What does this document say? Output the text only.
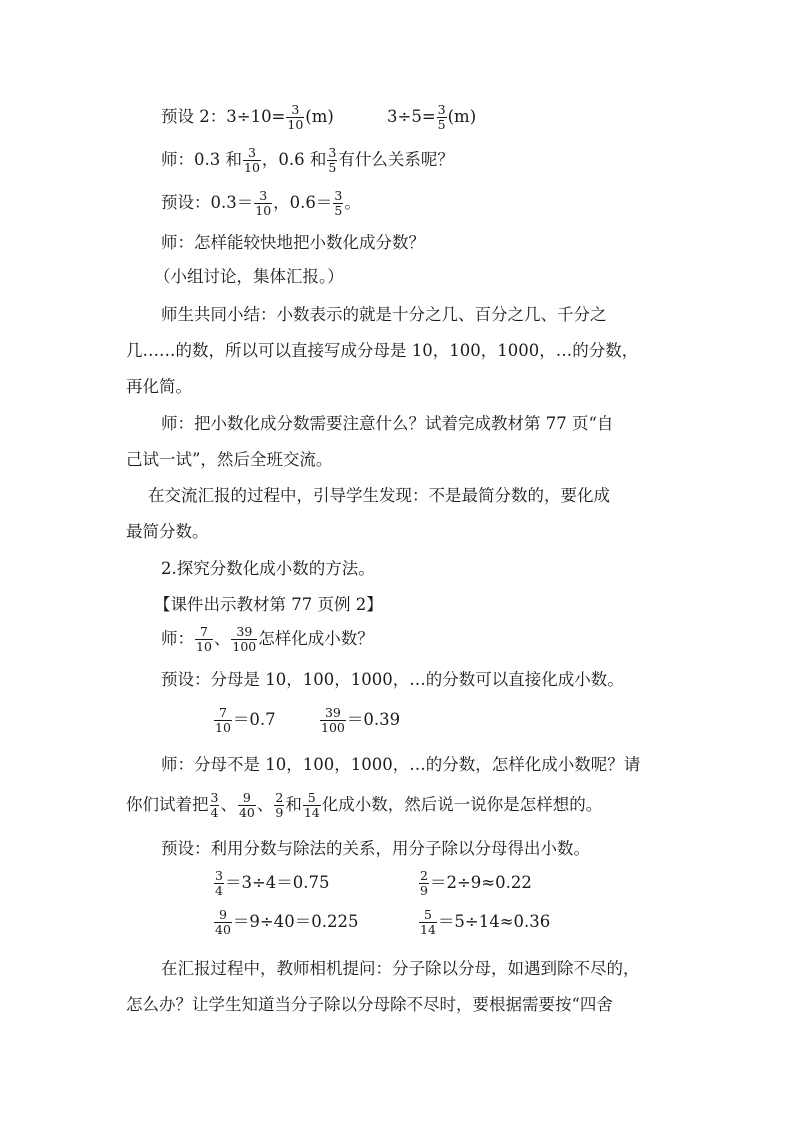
预设 2：$3\div 10= \frac{3}{10} (m)$	$3\div 5= \frac{3}{5} (m)$
师：0.3 和 $\frac{3}{10}$ ，0.6 和 $\frac{3}{5}$ 有什么关系呢？
预设：$0.3= \frac{3}{10}$ ，$0.6= \frac{3}{5}$ 。
师：怎样能较快地把小数化成分数？
（小组讨论，集体汇报。）
师生共同小结：小数表示的就是十分之几、百分之几、千分之
几……的数，所以可以直接写成分母是 10，100，1000，…的分数，
再化简。
师：把小数化成分数需要注意什么？试着完成教材第 77 页“自
己试一试”，然后全班交流。
在交流汇报的过程中，引导学生发现：不是最简分数的，要化成
最简分数。
2.探究分数化成小数的方法。
【课件出示教材第 77 页例 2】
师： $\frac{7}{10}$ 、 $\frac{39}{100}$ 怎样化成小数？
预设：分母是 10，100，1000，…的分数可以直接化成小数。
$\frac{7}{10} =0.7$	$\frac{39}{100} =0.39$
师：分母不是 10，100，1000，…的分数，怎样化成小数呢？请
你们试着把 $\frac{3}{4}$ 、 $\frac{9}{40}$ 、 $\frac{2}{9}$ 和 $\frac{5}{14}$ 化成小数，然后说一说你是怎样想的。
预设：利用分数与除法的关系，用分子除以分母得出小数。
$\frac{3}{4} =3\div 4=0.75$	$\frac{2}{9} =2\div 9\approx 0.22$
$\frac{9}{40} =9\div 40=0.225$	$\frac{5}{14} =5\div 14\approx 0.36$
在汇报过程中，教师相机提问：分子除以分母，如遇到除不尽的，
怎么办？让学生知道当分子除以分母除不尽时，要根据需要按“四舍
